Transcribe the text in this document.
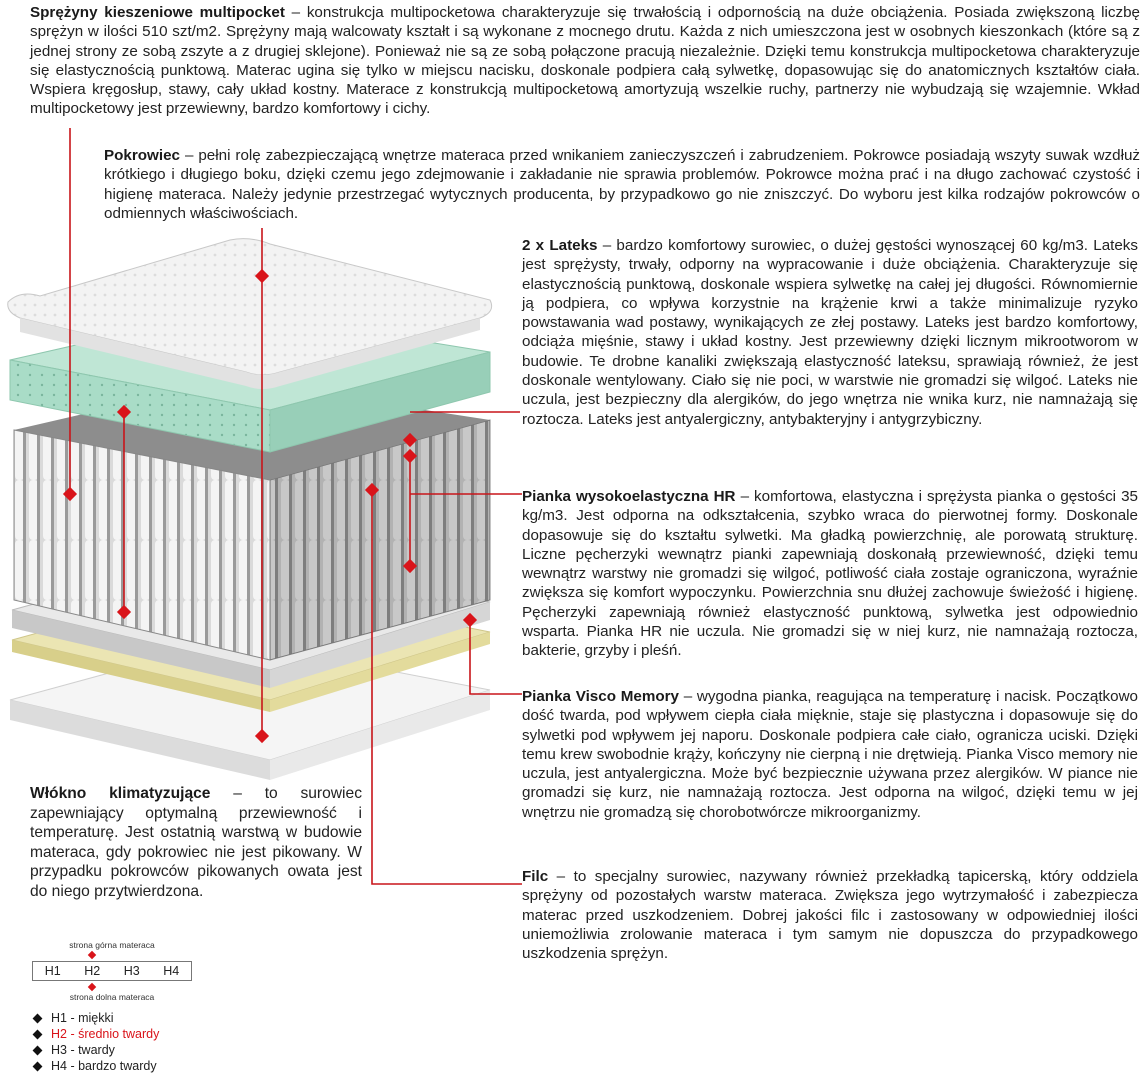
Sprężyny kieszeniowe multipocket – konstrukcja multipocketowa charakteryzuje się trwałością i odpornością na duże obciążenia. Posiada zwiększoną liczbę sprężyn w ilości 510 szt/m2. Sprężyny mają walcowaty kształt i są wykonane z mocnego drutu. Każda z nich umieszczona jest w osobnych kieszonkach (które są z jednej strony ze sobą zszyte a z drugiej sklejone). Ponieważ nie są ze sobą połączone pracują niezależnie. Dzięki temu konstrukcja multipocketowa charakteryzuje się elastycznością punktową. Materac ugina się tylko w miejscu nacisku, doskonale podpiera całą sylwetkę, dopasowując się do anatomicznych kształtów ciała. Wspiera kręgosłup, stawy, cały układ kostny. Materace z konstrukcją multipocketową amortyzują wszelkie ruchy, partnerzy nie wybudzają się wzajemnie. Wkład multipocketowy jest przewiewny, bardzo komfortowy i cichy.
Pokrowiec – pełni rolę zabezpieczającą wnętrze materaca przed wnikaniem zanieczyszczeń i zabrudzeniem. Pokrowce posiadają wszyty suwak wzdłuż krótkiego i długiego boku, dzięki czemu jego zdejmowanie i zakładanie nie sprawia problemów. Pokrowce można prać i na długo zachować czystość i higienę materaca. Należy jedynie przestrzegać wytycznych producenta, by przypadkowo go nie zniszczyć. Do wyboru jest kilka rodzajów pokrowców o odmiennych właściwościach.
2 x Lateks – bardzo komfortowy surowiec, o dużej gęstości wynoszącej 60 kg/m3. Lateks jest sprężysty, trwały, odporny na wypracowanie i duże obciążenia. Charakteryzuje się elastycznością punktową, doskonale wspiera sylwetkę na całej jej długości. Równomiernie ją podpiera, co wpływa korzystnie na krążenie krwi a także minimalizuje ryzyko powstawania wad postawy, wynikających ze złej postawy. Lateks jest bardzo komfortowy, odciąża mięśnie, stawy i układ kostny. Jest przewiewny dzięki licznym mikrootworom w budowie. Te drobne kanaliki zwiększają elastyczność lateksu, sprawiają również, że jest doskonale wentylowany. Ciało się nie poci, w warstwie nie gromadzi się wilgoć. Lateks nie uczula, jest bezpieczny dla alergików, do jego wnętrza nie wnika kurz, nie namnażają się roztocza. Lateks jest antyalergiczny, antybakteryjny i antygrzybiczny.
Pianka wysokoelastyczna HR – komfortowa, elastyczna i sprężysta pianka o gęstości 35 kg/m3. Jest odporna na odkształcenia, szybko wraca do pierwotnej formy. Doskonale dopasowuje się do kształtu sylwetki. Ma gładką powierzchnię, ale porowatą strukturę. Liczne pęcherzyki wewnątrz pianki zapewniają doskonałą przewiewność, dzięki temu wewnątrz warstwy nie gromadzi się wilgoć, potliwość ciała zostaje ograniczona, wyraźnie zwiększa się komfort wypoczynku. Powierzchnia snu dłużej zachowuje świeżość i higienę. Pęcherzyki zapewniają również elastyczność punktową, sylwetka jest odpowiednio wsparta. Pianka HR nie uczula. Nie gromadzi się w niej kurz, nie namnażają roztocza, bakterie, grzyby i pleśń.
Pianka Visco Memory – wygodna pianka, reagująca na temperaturę i nacisk. Początkowo dość twarda, pod wpływem ciepła ciała mięknie, staje się plastyczna i dopasowuje się do sylwetki pod wpływem jej naporu. Doskonale podpiera całe ciało, ogranicza uciski. Dzięki temu krew swobodnie krąży, kończyny nie cierpną i nie drętwieją. Pianka Visco memory nie uczula, jest antyalergiczna. Może być bezpiecznie używana przez alergików. W piance nie gromadzi się kurz, nie namnażają roztocza. Jest odporna na wilgoć, dzięki temu w jej wnętrzu nie gromadzą się chorobotwórcze mikroorganizmy.
Filc – to specjalny surowiec, nazywany również przekładką tapicerską, który oddziela sprężyny od pozostałych warstw materaca. Zwiększa jego wytrzymałość i zabezpiecza materac przed uszkodzeniem. Dobrej jakości filc i zastosowany w odpowiedniej ilości uniemożliwia zrolowanie materaca i tym samym nie dopuszcza do przypadkowego uszkodzenia sprężyn.
Włókno klimatyzujące – to surowiec zapewniający optymalną przewiewność i temperaturę. Jest ostatnią warstwą w budowie materaca, gdy pokrowiec nie jest pikowany. W przypadku pokrowców pikowanych owata jest do niego przytwierdzona.
strona górna materaca
H1	H2	H3	H4
strona dolna materaca
H1 - miękki
H2 - średnio twardy
H3 - twardy
H4 - bardzo twardy
